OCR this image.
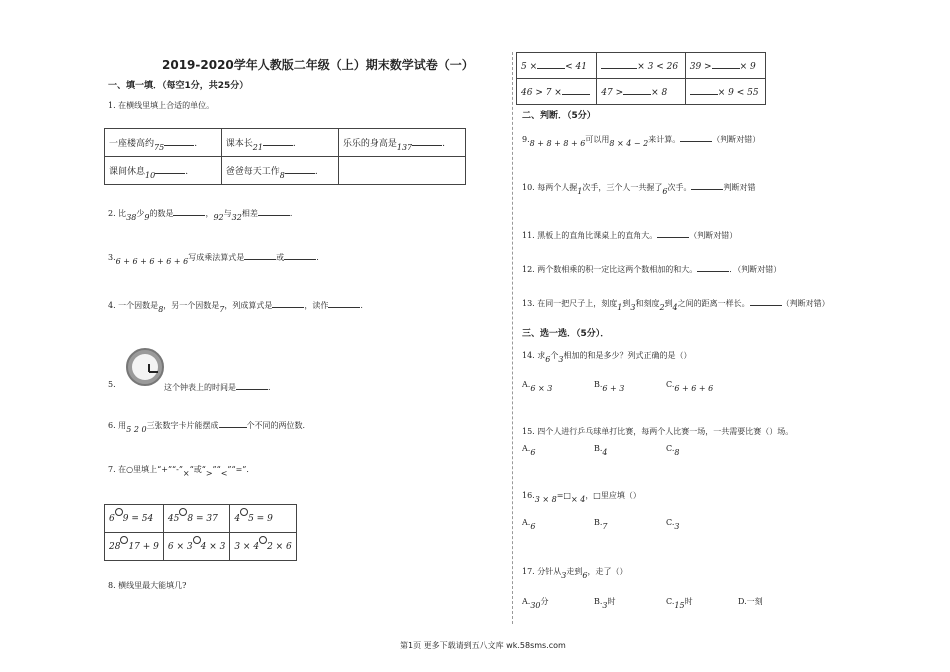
2019-2020学年人教版二年级（上）期末数学试卷（一）
一、填一填．（每空1分，共25分）
1. 在横线里填上合适的单位。
一座楼高约75 .	课本长21 .	乐乐的身高是137 .
课间休息10 .	爸爸每天工作8 .	
2. 比38少9的数是	，92与32相差	.
3.6 + 6 + 6 + 6 + 6写成乘法算式是	或	.
4. 一个因数是8，另一个因数是7，列成算式是	，读作	.
5.	这个钟表上的时间是	.
6. 用5 2 0三张数字卡片能摆成	个不同的两位数．
7. 在○里填上“+”“-”×“或“>”“<”“=”．
6 9 = 54	45 8 = 37	4 5 = 9
28 17 + 9	6 × 3 4 × 3	3 × 4 2 × 6
8. 横线里最大能填几?
5 × < 41	× 3 < 26	39 > × 9
46 > 7 ×	47 > × 8	× 9 < 55
二、判断．（5分）
9.8 + 8 + 8 + 6可以用8 × 4 − 2来计算。	（判断对错）
10. 每两个人握1次手，三个人一共握了6次手。	判断对错
11. 黑板上的直角比课桌上的直角大。	（判断对错）
12. 两个数相乘的积一定比这两个数相加的和大。	．（判断对错）
13. 在同一把尺子上，刻度1到3和刻度2到4之间的距离一样长。	（判断对错）
三、选一选．（5分）．
14. 求6个3相加的和是多少？列式正确的是（）
A.6 × 3	B.6 + 3	C.6 + 6 + 6
15. 四个人进行乒乓球单打比赛，每两个人比赛一场，一共需要比赛（）场。
A.6	B.4	C.8
16.3 × 8=□× 4，□里应填（）
A.6	B.7	C.3
17. 分针从3走到6，走了（）
A.30分	B.3时	C.15时	D.一刻
第1页 更多下载请到五八文库 wk.58sms.com
